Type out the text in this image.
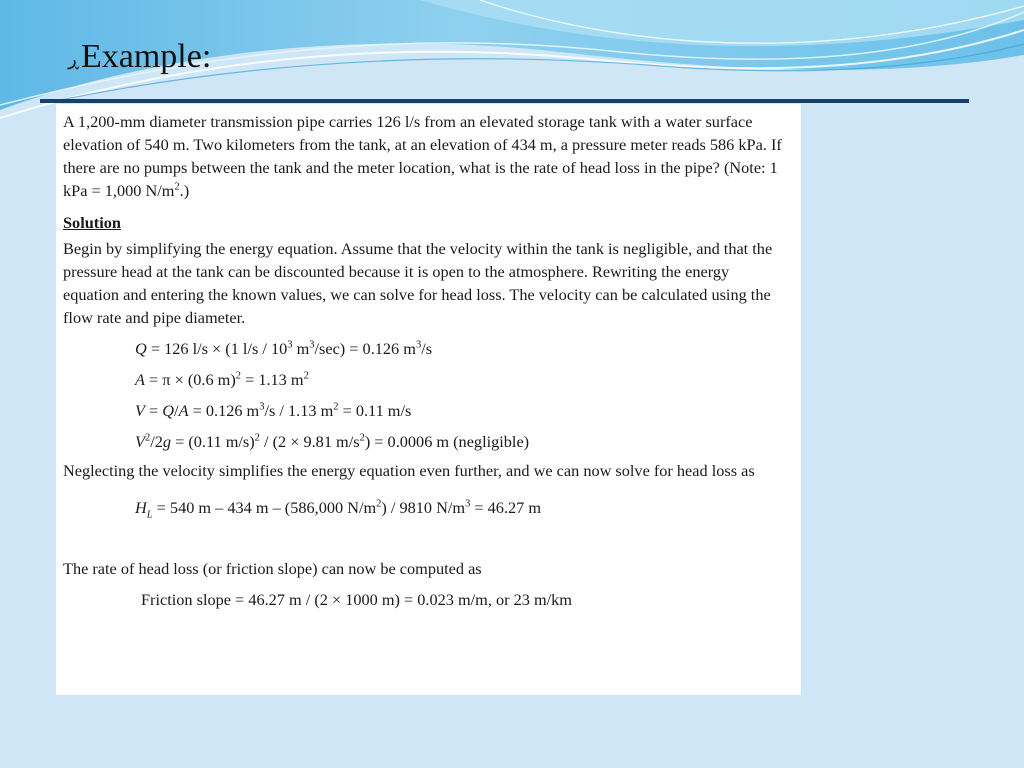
ڕExample:

A 1,200-mm diameter transmission pipe carries 126 l/s from an elevated storage tank with a water surface elevation of 540 m. Two kilometers from the tank, at an elevation of 434 m, a pressure meter reads 586 kPa. If there are no pumps between the tank and the meter location, what is the rate of head loss in the pipe? (Note: 1 kPa = 1,000 $N/m^2$.)

Solution

Begin by simplifying the energy equation. Assume that the velocity within the tank is negligible, and that the pressure head at the tank can be discounted because it is open to the atmosphere. Rewriting the energy equation and entering the known values, we can solve for head loss. The velocity can be calculated using the flow rate and pipe diameter.

Q = 126 l/s × (1 $l/s / 10^3$ $m^3/\sec) = 0.126$ $m^3/s$

A = π × (0.6 m)$^2$ = 1.13 $m^2$

V = Q/A = 0.126 $m^3/s / 1.13$ $m^2 = 0.11$ m/s

$V^2/2g = (0.11$ m/s)$^2$ / (2 × 9.81 $m/s^2) = 0.0006$ m (negligible)

Neglecting the velocity simplifies the energy equation even further, and we can now solve for head loss as

$H_L = 540$ m – 434 m – (586,000 $N/m^2) / 9810$ $N/m^3 = 46.27$ m

The rate of head loss (or friction slope) can now be computed as

Friction slope = 46.27 m / (2 × 1000 m) = 0.023 m/m, or 23 m/km
